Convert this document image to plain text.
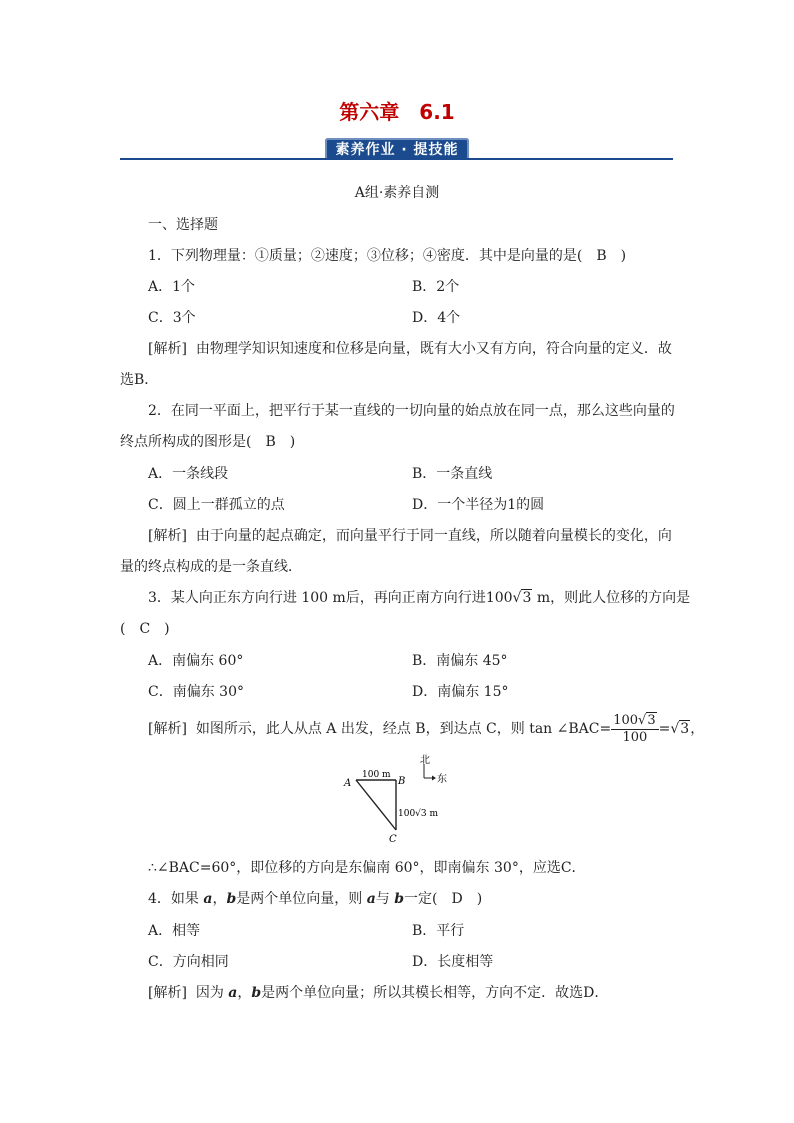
第六章　6.1
素养作业 · 提技能
A组·素养自测
一、选择题
1．下列物理量：①质量；②速度；③位移；④密度．其中是向量的是(　B　)
A．1个	B．2个
C．3个	D．4个
[解析] 由物理学知识知速度和位移是向量，既有大小又有方向，符合向量的定义．故
选B．
2．在同一平面上，把平行于某一直线的一切向量的始点放在同一点，那么这些向量的
终点所构成的图形是(　B　)
A．一条线段	B．一条直线
C．圆上一群孤立的点	D．一个半径为1的圆
[解析] 由于向量的起点确定，而向量平行于同一直线，所以随着向量模长的变化，向
量的终点构成的是一条直线．
3．某人向正东方向行进 100 m后，再向正南方向行进100√3 m，则此人位移的方向是
(　C　)
A．南偏东 60°	B．南偏东 45°
C．南偏东 30°	D．南偏东 15°
[解析] 如图所示，此人从点 A 出发，经点 B，到达点 C，则 tan ∠BAC= $\frac{100√3}{100} =√3$，
A	B
C
100 m
100√3 m
北
东
∴∠BAC=60°，即位移的方向是东偏南 60°，即南偏东 30°，应选C．
4．如果 a，b是两个单位向量，则 a与 b一定(　D　)
A．相等	B．平行
C．方向相同	D．长度相等
[解析] 因为 a，b是两个单位向量；所以其模长相等，方向不定．故选D．
